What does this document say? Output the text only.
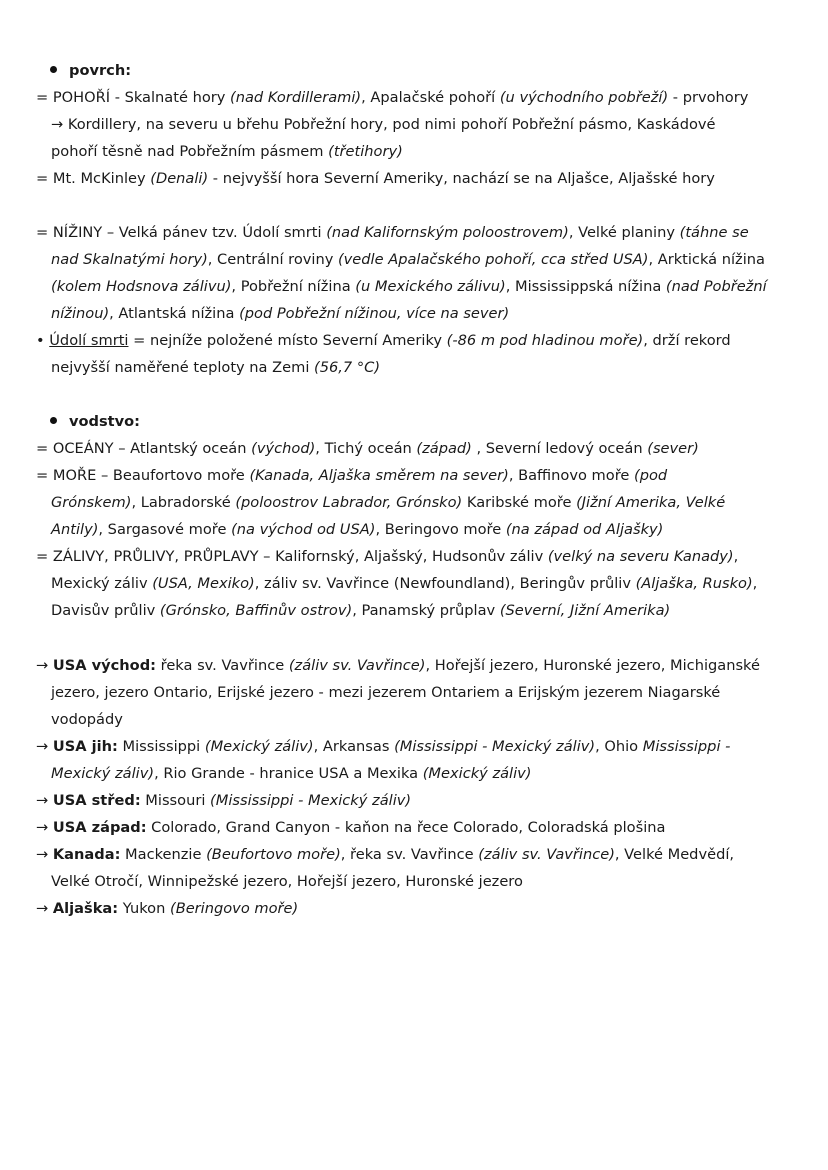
povrch:
= POHOŘÍ - Skalnaté hory (nad Kordillerami), Apalačské pohoří (u východního pobřeží) - prvohory
→ Kordillery, na severu u břehu Pobřežní hory, pod nimi pohoří Pobřežní pásmo, Kaskádové
pohoří těsně nad Pobřežním pásmem (třetihory)
= Mt. McKinley (Denali) - nejvyšší hora Severní Ameriky, nachází se na Aljašce, Aljašské hory
= NÍŽINY – Velká pánev tzv. Údolí smrti (nad Kalifornským poloostrovem), Velké planiny (táhne se
nad Skalnatými hory), Centrální roviny (vedle Apalačského pohoří, cca střed USA), Arktická nížina
(kolem Hodsnova zálivu), Pobřežní nížina (u Mexického zálivu), Mississippská nížina (nad Pobřežní
nížinou), Atlantská nížina (pod Pobřežní nížinou, více na sever)
• Údolí smrti = nejníže položené místo Severní Ameriky (-86 m pod hladinou moře), drží rekord
nejvyšší naměřené teploty na Zemi (56,7 °C)
vodstvo:
= OCEÁNY – Atlantský oceán (východ), Tichý oceán (západ) , Severní ledový oceán (sever)
= MOŘE – Beaufortovo moře (Kanada, Aljaška směrem na sever), Baffinovo moře (pod
Grónskem), Labradorské (poloostrov Labrador, Grónsko) Karibské moře (Jižní Amerika, Velké
Antily), Sargasové moře (na východ od USA), Beringovo moře (na západ od Aljašky)
= ZÁLIVY, PRŮLIVY, PRŮPLAVY – Kalifornský, Aljašský, Hudsonův záliv (velký na severu Kanady),
Mexický záliv (USA, Mexiko), záliv sv. Vavřince (Newfoundland), Beringův průliv (Aljaška, Rusko),
Davisův průliv (Grónsko, Baffinův ostrov), Panamský průplav (Severní, Jižní Amerika)
→ USA východ: řeka sv. Vavřince (záliv sv. Vavřince), Hořejší jezero, Huronské jezero, Michiganské
jezero, jezero Ontario, Erijské jezero - mezi jezerem Ontariem a Erijským jezerem Niagarské
vodopády
→ USA jih: Mississippi (Mexický záliv), Arkansas (Mississippi - Mexický záliv), Ohio Mississippi -
Mexický záliv), Rio Grande - hranice USA a Mexika (Mexický záliv)
→ USA střed: Missouri (Mississippi - Mexický záliv)
→ USA západ: Colorado, Grand Canyon - kaňon na řece Colorado, Coloradská plošina
→ Kanada: Mackenzie (Beufortovo moře), řeka sv. Vavřince (záliv sv. Vavřince), Velké Medvědí,
Velké Otročí, Winnipežské jezero, Hořejší jezero, Huronské jezero
→ Aljaška: Yukon (Beringovo moře)
